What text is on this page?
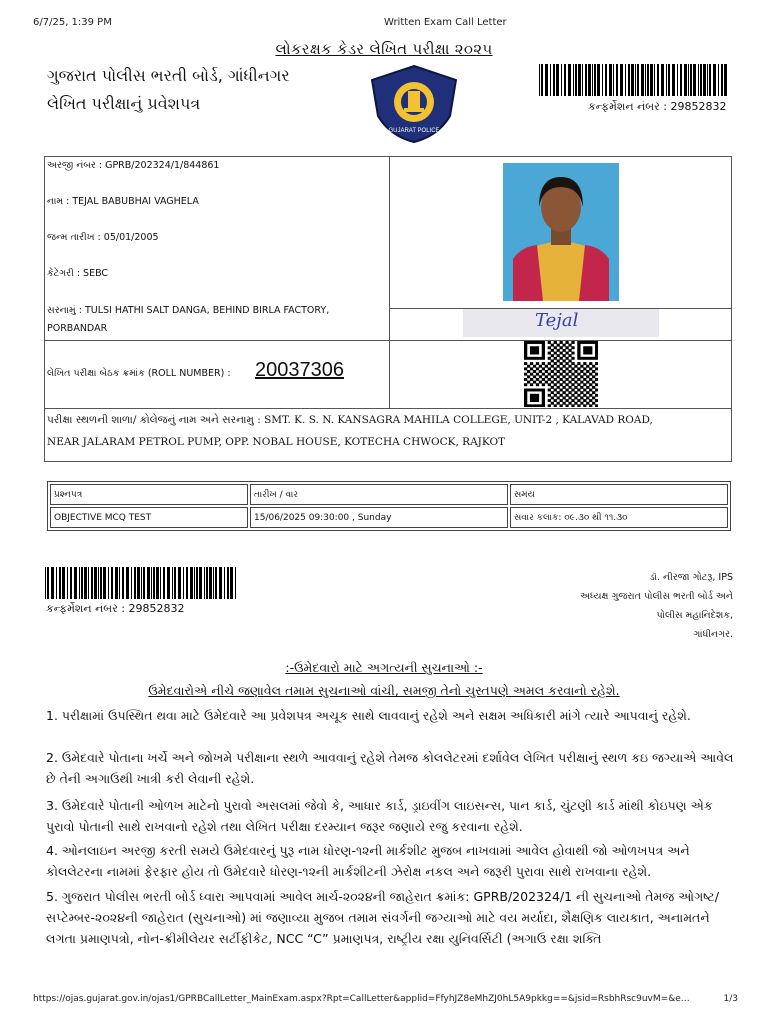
6/7/25, 1:39 PM	Written Exam Call Letter
લોકરક્ષક કેડર લેખિત પરીક્ષા ૨૦૨૫
ગુજરાત પોલીસ ભરતી બોર્ડ, ગાંધીનગર
લેખિત પરીક્ષાનું પ્રવેશપત્ર
GUJARAT POLICE
કન્ફર્મેશન નંબર : 29852832
અરજી નંબર : GPRB/202324/1/844861
નામ : TEJAL BABUBHAI VAGHELA
જન્મ તારીખ : 05/01/2005
કેટેગરી : SEBC
સરનામું : TULSI HATHI SALT DANGA, BEHIND BIRLA FACTORY,
PORBANDAR
લેખિત પરીક્ષા બેઠક ક્રમાંક (ROLL NUMBER) : 20037306
Tejal
પરીક્ષા સ્થળની શાળા/ કોલેજનું નામ અને સરનામુ : SMT. K. S. N. KANSAGRA MAHILA COLLEGE, UNIT-2 , KALAVAD ROAD,
NEAR JALARAM PETROL PUMP, OPP. NOBAL HOUSE, KOTECHA CHWOCK, RAJKOT
પ્રશ્નપત્ર	તારીખ / વાર	સમય
OBJECTIVE MCQ TEST	15/06/2025 09:30:00 , Sunday	સવાર કલાક: ૦૯.૩૦ થી ૧૧.૩૦
કન્ફર્મેશન નંબર : 29852832
ડૉ. નીરજા ગોટરૂ, IPS
અધ્યક્ષ ગુજરાત પોલીસ ભરતી બોર્ડ અને
પોલીસ મહાનિદેશક,
ગાંધીનગર.
:-ઉમેદવારો માટે અગત્યની સુચનાઓ :-
ઉમેદવારોએ નીચે જણાવેલ તમામ સુચનાઓ વાંચી, સમજી તેનો ચુસ્તપણે અમલ કરવાનો રહેશે.
1. પરીક્ષામાં ઉપસ્થિત થવા માટે ઉમેદવારે આ પ્રવેશપત્ર અચૂક સાથે લાવવાનું રહેશે અને સક્ષમ અધિકારી માંગે ત્યારે આપવાનું રહેશે.
2. ઉમેદવારે પોતાના ખર્ચે અને જોખમે પરીક્ષાના સ્થળે આવવાનું રહેશે તેમજ કોલલેટરમાં દર્શાવેલ લેખિત પરીક્ષાનું સ્થળ કઇ જગ્યાએ આવેલ છે તેની અગાઉથી ખાત્રી કરી લેવાની રહેશે.
3. ઉમેદવારે પોતાની ઓળખ માટેનો પુરાવો અસલમાં જેવો કે, આધાર કાર્ડ, ડ્રાઇવીંગ લાઇસન્સ, પાન કાર્ડ, ચુંટણી કાર્ડ માંથી કોઇપણ એક પુરાવો પોતાની સાથે રાખવાનો રહેશે તથા લેખિત પરીક્ષા દરમ્યાન જરૂર જણાયે રજુ કરવાના રહેશે.
4. ઓનલાઇન અરજી કરતી સમયે ઉમેદવારનું પુરૂ નામ ધોરણ-૧૨ની માર્કશીટ મુજબ નાખવામાં આવેલ હોવાથી જો ઓળખપત્ર અને કોલલેટરના નામમાં ફેરફાર હોય તો ઉમેદવારે ધોરણ-૧૨ની માર્કશીટની ઝેરોક્ષ નકલ અને જરૂરી પુરાવા સાથે રાખવાના રહેશે.
5. ગુજરાત પોલીસ ભરતી બોર્ડ ધ્વારા આપવામાં આવેલ માર્ચ-૨૦૨૪ની જાહેરાત ક્રમાંક: GPRB/202324/1 ની સુચનાઓ તેમજ ઓગષ્ટ/સપ્ટેમ્બર-૨૦૨૪ની જાહેરાત (સુચનાઓ) માં જણાવ્યા મુજબ તમામ સંવર્ગની જગ્યાઓ માટે વય મર્યાદા, શૈક્ષણિક લાયકાત, અનામતને લગતા પ્રમાણપત્રો, નોન-ક્રીમીલેયર સર્ટીફીકેટ, NCC “C” પ્રમાણપત્ર, રાષ્ટ્રીય રક્ષા યુનિવર્સિટી (અગાઉ રક્ષા શક્તિ
https://ojas.gujarat.gov.in/ojas1/GPRBCallLetter_MainExam.aspx?Rpt=CallLetter&applid=FfyhJZ8eMhZJ0hL5A9pkkg==&jsid=RsbhRsc9uvM=&e…	1/3
